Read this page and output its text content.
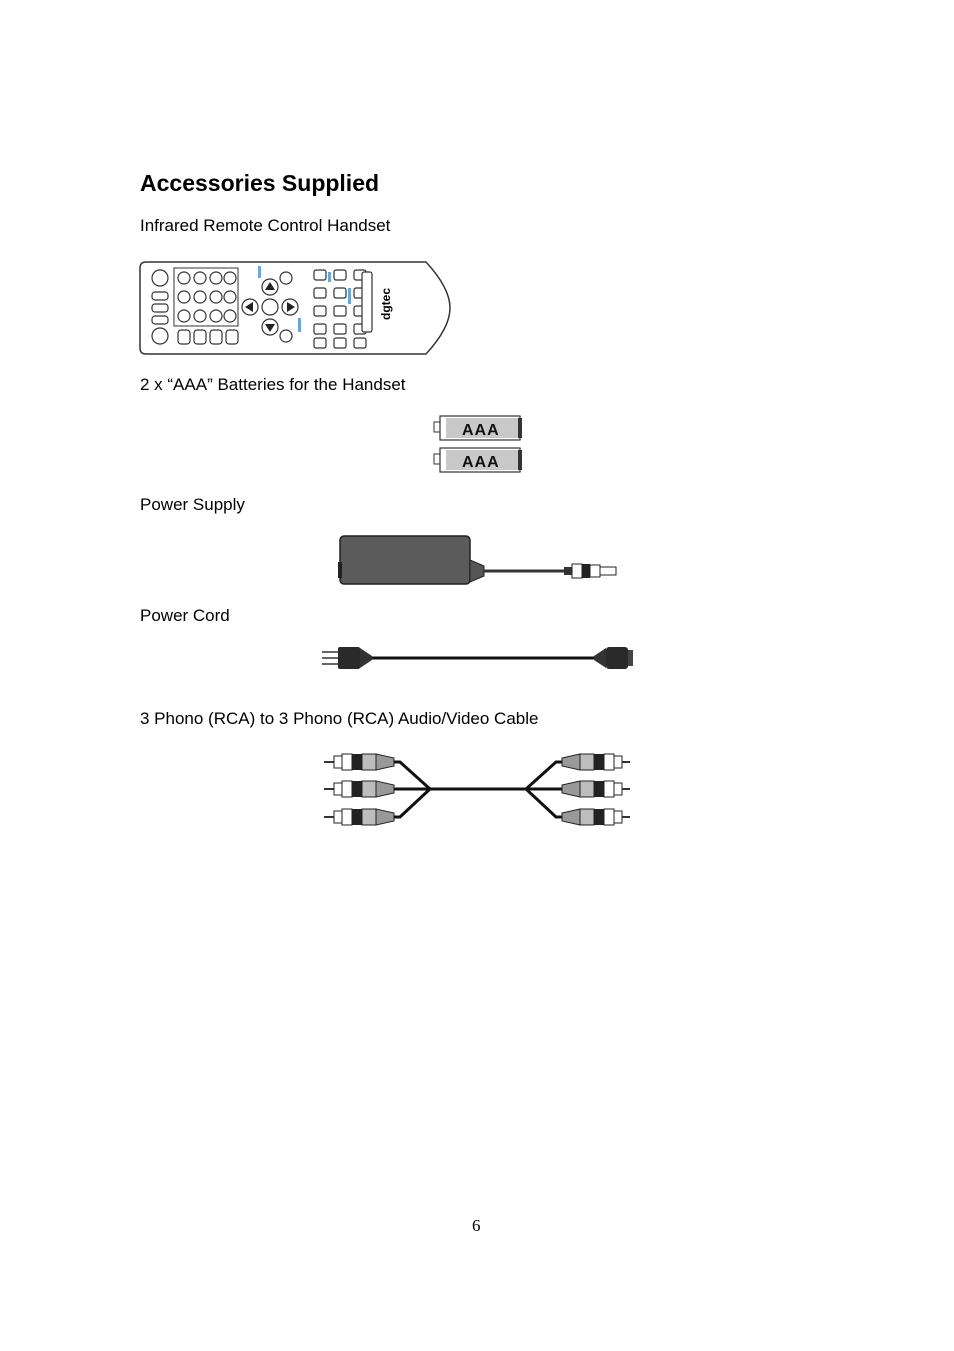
Accessories Supplied
Infrared Remote Control Handset
dgtec
2 x “AAA” Batteries for the Handset
AAA
AAA
Power Supply
Power Cord
3 Phono (RCA) to 3 Phono (RCA) Audio/Video Cable
6
